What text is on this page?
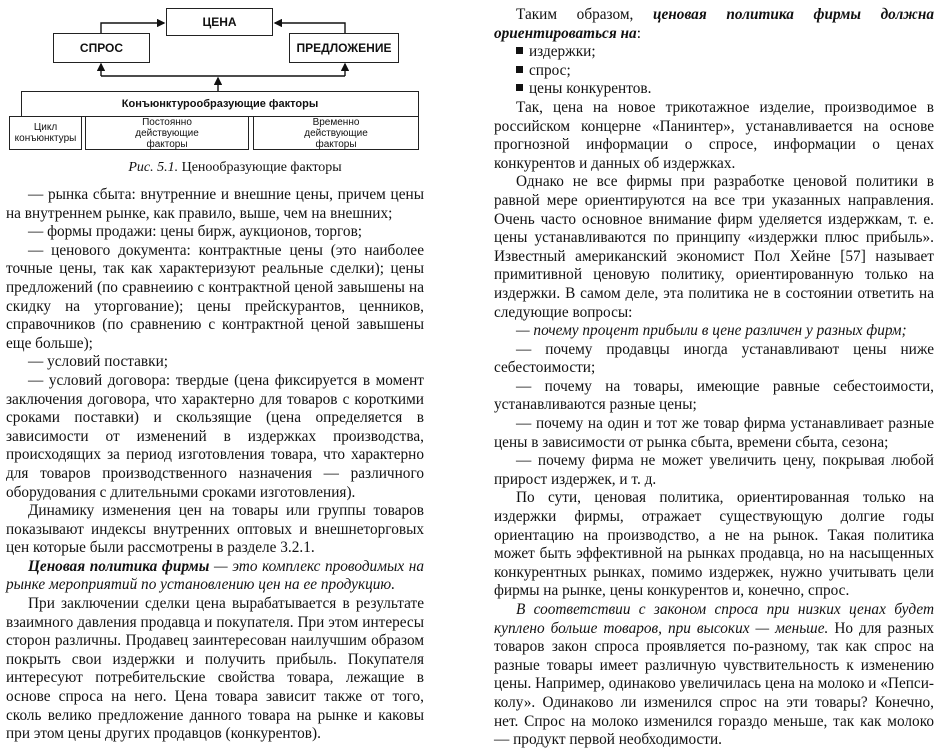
ЦЕНА
СПРОС	ПРЕДЛОЖЕНИЕ
Конъюнктурообразующие факторы
Цикл конъюнктуры
Постоянно действующие факторы
Временно действующие факторы
Рис. 5.1. Ценообразующие факторы

— рынка сбыта: внутренние и внешние цены, причем цены на внутреннем рынке, как правило, выше, чем на внешних;

— формы продажи: цены бирж, аукционов, торгов;

— ценового документа: контрактные цены (это наиболее точные цены, так как характеризуют реальные сделки); цены предложений (по сравнеиию с контрактной ценой завышены на скидку на уторгование); цены прейскурантов, ценников, справочников (по сравнению с контрактной ценой завышены еще больше);

— условий поставки;

— условий договора: твердые (цена фиксируется в момент заключения договора, что характерно для товаров с короткими сроками поставки) и скользящие (цена определяется в зависимости от изменений в издержках производства, происходящих за период изготовления товара, что характерно для товаров производственного назначения — различного оборудования с длительными сроками изготовления).

Динамику изменения цен на товары или группы товаров показывают индексы внутренних оптовых и внешнеторговых цен которые были рассмотрены в разделе 3.2.1.

Ценовая политика фирмы — это комплекс проводимых на рынке мероприятий по установлению цен на ее продукцию.

При заключении сделки цена вырабатывается в результате взаимного давления продавца и покупателя. При этом интересы сторон различны. Продавец заинтересован наилучшим образом покрыть свои издержки и получить прибыль. Покупателя интересуют потребительские свойства товара, лежащие в основе спроса на него. Цена товара зависит также от того, сколь велико предложение данного товара на рынке и каковы при этом цены других продавцов (конкурентов).

Таким образом, ценовая политика фирмы должна ориентироваться на:

издержки;

спрос;

цены конкурентов.

Так, цена на новое трикотажное изделие, производимое в российском концерне «Панинтер», устанавливается на основе прогнозной информации о спросе, информации о ценах конкурентов и данных об издержках.

Однако не все фирмы при разработке ценовой политики в равной мере ориентируются на все три указанных направления. Очень часто основное внимание фирм уделяется издержкам, т. е. цены устанавливаются по принципу «издержки плюс прибыль». Известный американский экономист Пол Хейне [57] называет примитивной ценовую политику, ориентированную только на издержки. В самом деле, эта политика не в состоянии ответить на следующие вопросы:

— почему процент прибыли в цене различен у разных фирм;

— почему продавцы иногда устанавливают цены ниже себестоимости;

— почему на товары, имеющие равные себестоимости, устанавливаются разные цены;

— почему на один и тот же товар фирма устанавливает разные цены в зависимости от рынка сбыта, времени сбыта, сезона;

— почему фирма не может увеличить цену, покрывая любой прирост издержек, и т. д.

По сути, ценовая политика, ориентированная только на издержки фирмы, отражает существующую долгие годы ориентацию на производство, а не на рынок. Такая политика может быть эффективной на рынках продавца, но на насыщенных конкурентных рынках, помимо издержек, нужно учитывать цели фирмы на рынке, цены конкурентов и, конечно, спрос.

В соответствии с законом спроса при низких ценах будет куплено больше товаров, при высоких — меньше. Но для разных товаров закон спроса проявляется по-разному, так как спрос на разные товары имеет различную чувствительность к изменению цены. Например, одинаково увеличилась цена на молоко и «Пепси-колу». Одинаково ли изменился спрос на эти товары? Конечно, нет. Спрос на молоко изменился гораздо меньше, так как молоко — продукт первой необходимости.
